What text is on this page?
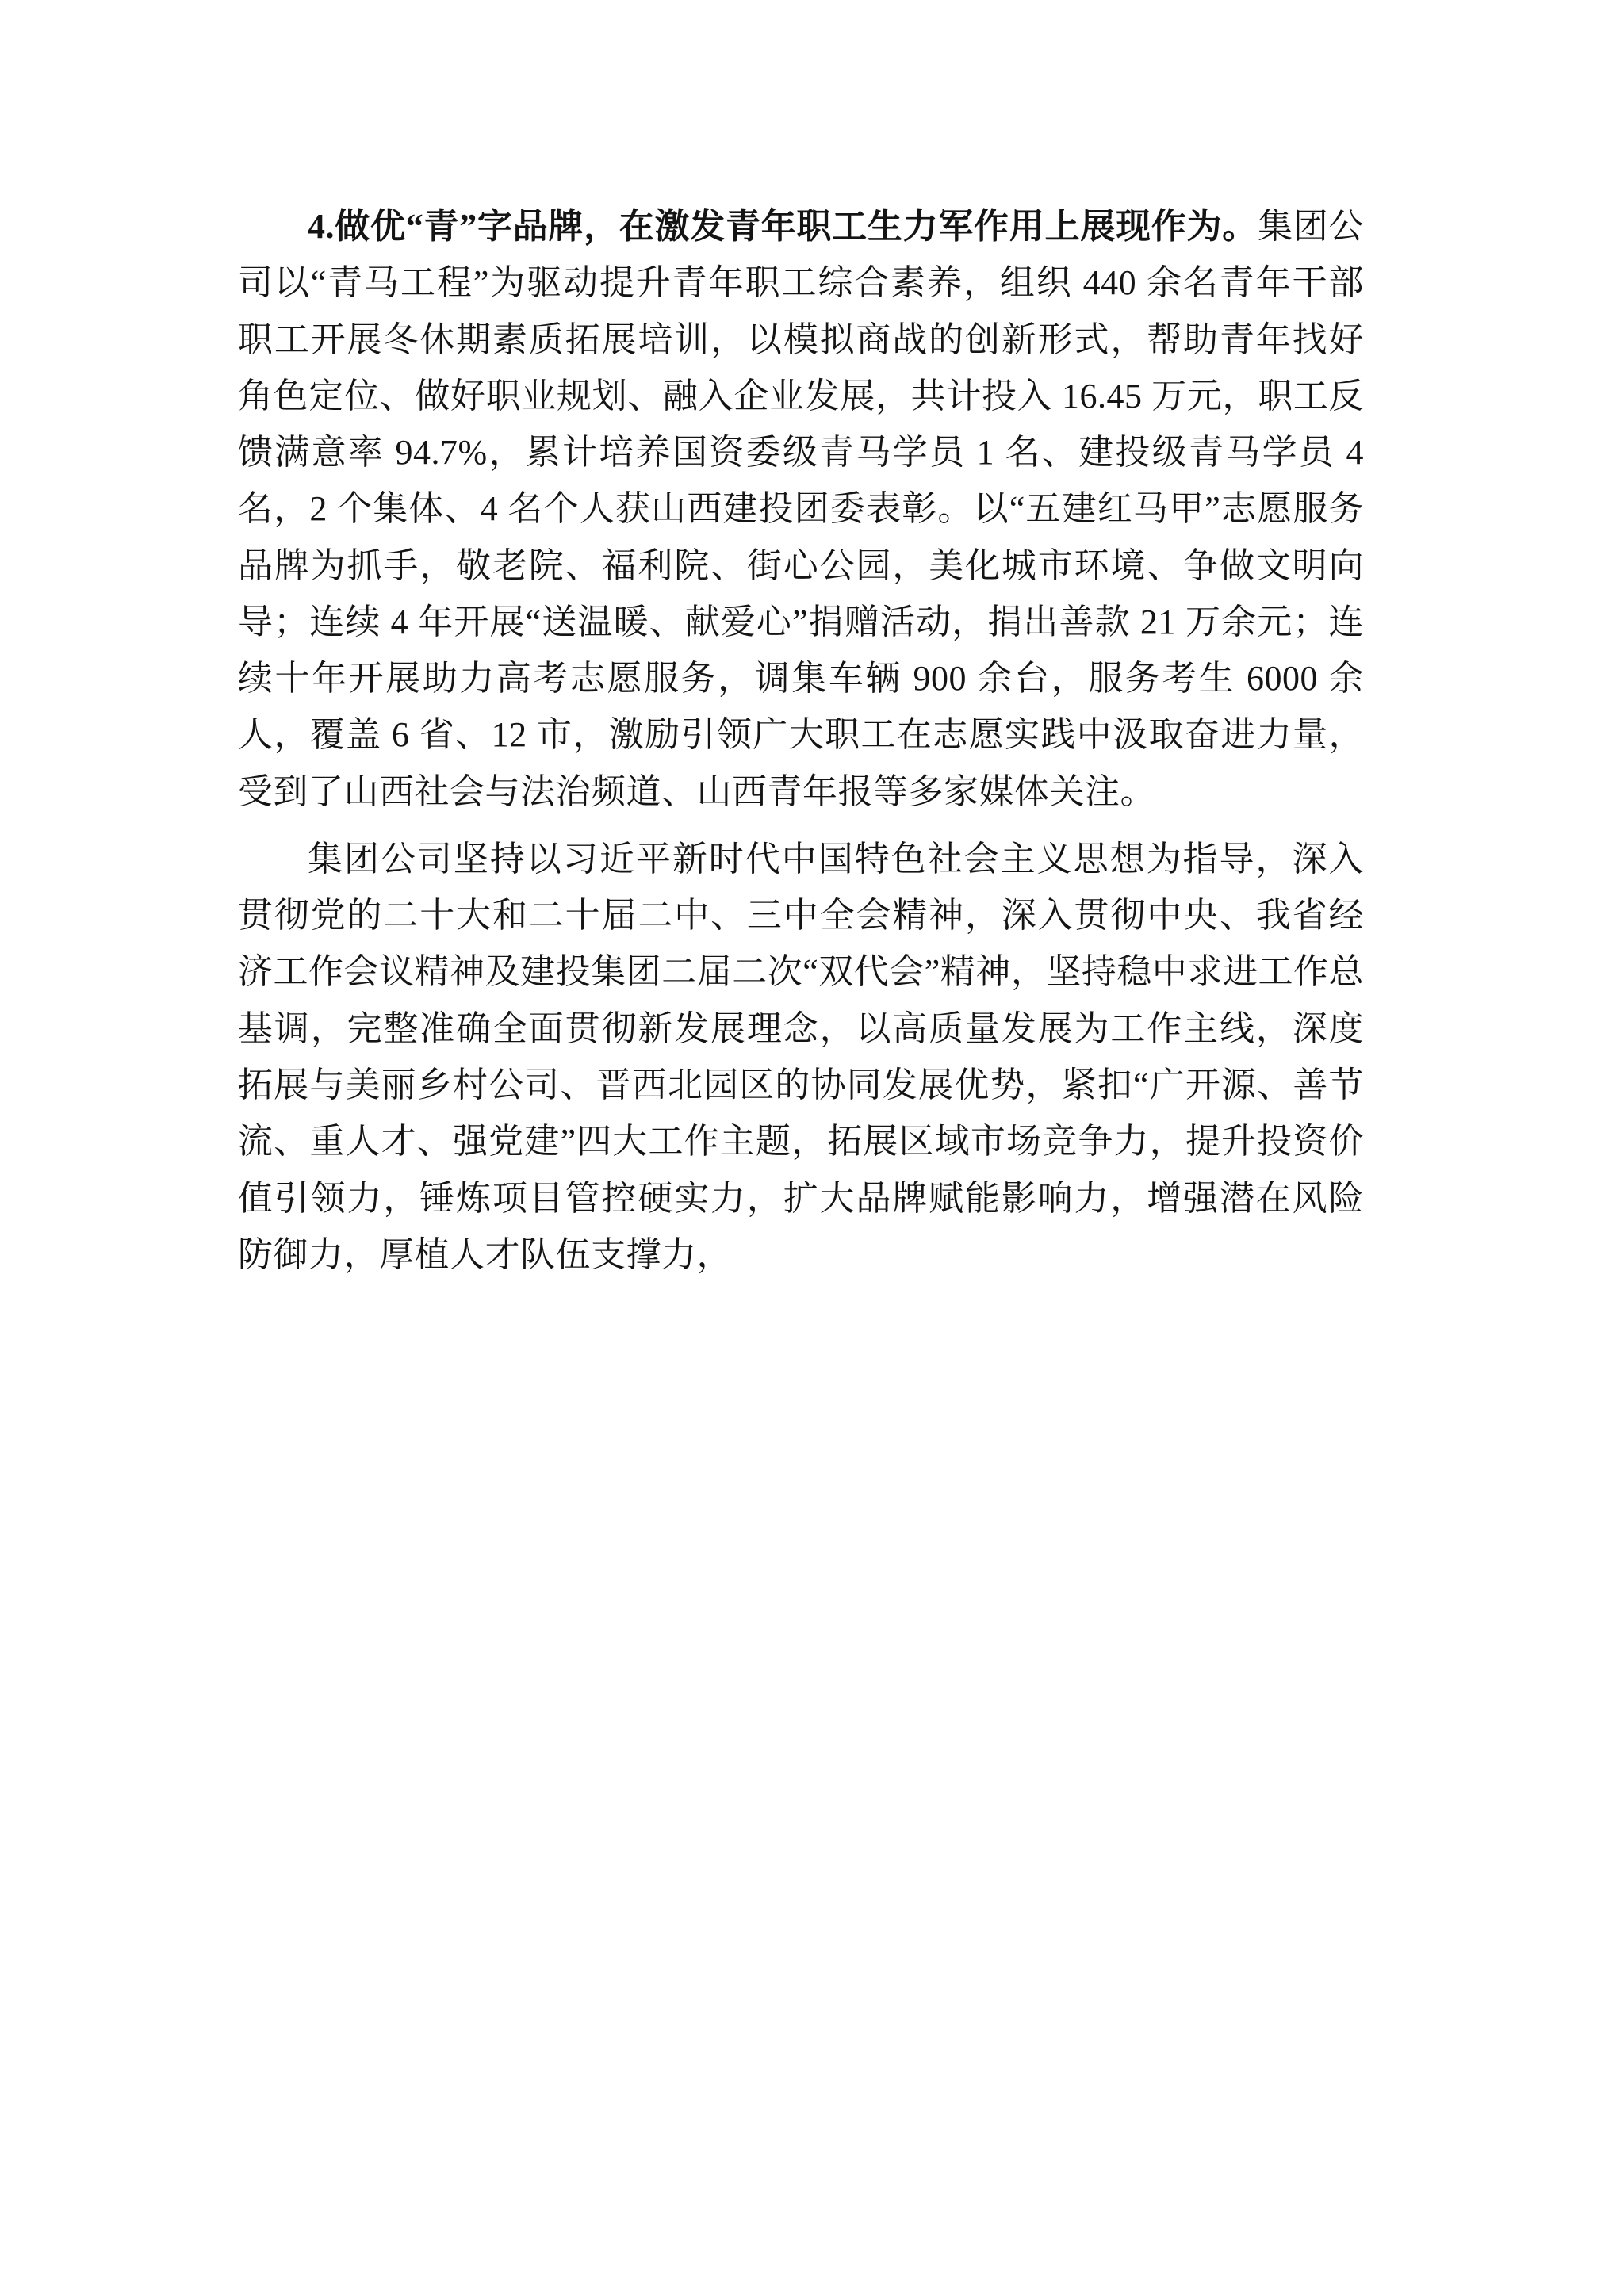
4.做优“青”字品牌，在激发青年职工生力军作用上展现作为。集团公司以“青马工程”为驱动提升青年职工综合素养，组织 440 余名青年干部职工开展冬休期素质拓展培训，以模拟商战的创新形式，帮助青年找好角色定位、做好职业规划、融入企业发展，共计投入 16.45 万元，职工反馈满意率 94.7%，累计培养国资委级青马学员 1 名、建投级青马学员 4 名，2 个集体、4 名个人获山西建投团委表彰。以“五建红马甲”志愿服务品牌为抓手，敬老院、福利院、街心公园，美化城市环境、争做文明向导；连续 4 年开展“送温暖、献爱心”捐赠活动，捐出善款 21 万余元；连续十年开展助力高考志愿服务，调集车辆 900 余台，服务考生 6000 余人，覆盖 6 省、12 市，激励引领广大职工在志愿实践中汲取奋进力量，受到了山西社会与法治频道、山西青年报等多家媒体关注。

集团公司坚持以习近平新时代中国特色社会主义思想为指导，深入贯彻党的二十大和二十届二中、三中全会精神，深入贯彻中央、我省经济工作会议精神及建投集团二届二次“双代会”精神，坚持稳中求进工作总基调，完整准确全面贯彻新发展理念，以高质量发展为工作主线，深度拓展与美丽乡村公司、晋西北园区的协同发展优势，紧扣“广开源、善节流、重人才、强党建”四大工作主题，拓展区域市场竞争力，提升投资价值引领力，锤炼项目管控硬实力，扩大品牌赋能影响力，增强潜在风险防御力，厚植人才队伍支撑力，
